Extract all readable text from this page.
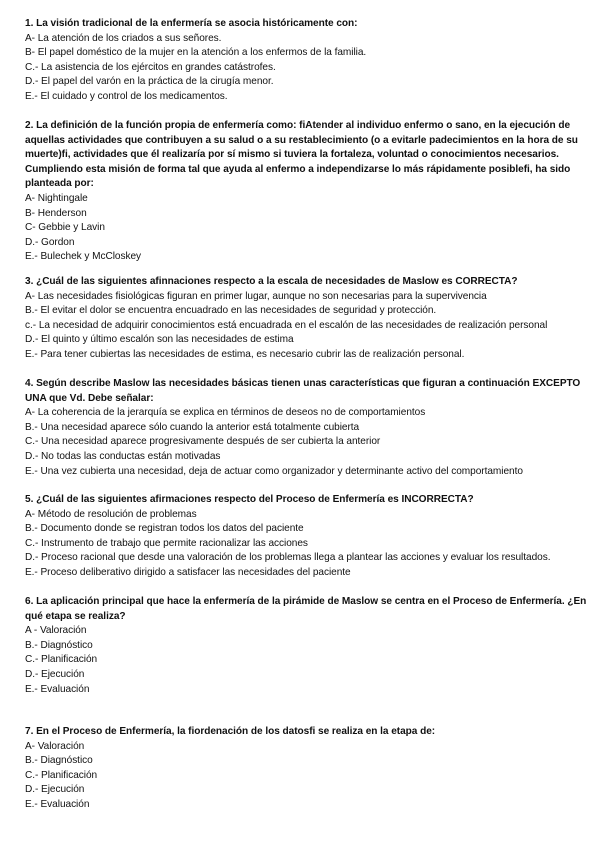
1. La visión tradicional de la enfermería se asocia históricamente con:

A- La atención de los criados a sus señores.
B- El papel doméstico de la mujer en la atención a los enfermos de la familia.
C.- La asistencia de los ejércitos en grandes catástrofes.
D.- El papel del varón en la práctica de la cirugía menor.
E.- El cuidado y control de los medicamentos.

2. La definición de la función propia de enfermería como: fiAtender al individuo enfermo o sano, en la ejecución de aquellas actividades que contribuyen a su salud o a su restablecimiento (o a evitarle padecimientos en la hora de su muerte)fi, actividades que él realizaría por sí mismo si tuviera la fortaleza, voluntad o conocimientos necesarios. Cumpliendo esta misión de forma tal que ayuda al enfermo a independizarse lo más rápidamente posiblefi, ha sido planteada por:

A- Nightingale
B- Henderson
C- Gebbie y Lavin
D.- Gordon
E.- Bulechek y McCloskey

3. ¿Cuál de las siguientes afinnaciones respecto a la escala de necesidades de Maslow es CORRECTA?

A- Las necesidades fisiológicas figuran en primer lugar, aunque no son necesarias para la supervivencia
B.- El evitar el dolor se encuentra encuadrado en las necesidades de seguridad y protección.
c.- La necesidad de adquirir conocimientos está encuadrada en el escalón de las necesidades de realización personal
D.- El quinto y último escalón son las necesidades de estima
E.- Para tener cubiertas las necesidades de estima, es necesario cubrir las de realización personal.

4. Según describe Maslow las necesidades básicas tienen unas características que figuran a continuación EXCEPTO UNA que Vd. Debe señalar:

A- La coherencia de la jerarquía se explica en términos de deseos no de comportamientos
B.- Una necesidad aparece sólo cuando la anterior está totalmente cubierta
C.- Una necesidad aparece progresivamente después de ser cubierta la anterior
D.- No todas las conductas están motivadas
E.- Una vez cubierta una necesidad, deja de actuar como organizador y determinante activo del comportamiento

5. ¿Cuál de las siguientes afirmaciones respecto del Proceso de Enfermería es INCORRECTA?

A- Método de resolución de problemas
B.- Documento donde se registran todos los datos del paciente
C.- Instrumento de trabajo que permite racionalizar las acciones
D.- Proceso racional que desde una valoración de los problemas llega a plantear las acciones y evaluar los resultados.
E.- Proceso deliberativo dirigido a satisfacer las necesidades del paciente

6. La aplicación principal que hace la enfermería de la pirámide de Maslow se centra en el Proceso de Enfermería. ¿En qué etapa se realiza?

A - Valoración
B.- Diagnóstico
C.- Planificación
D.- Ejecución
E.- Evaluación

7. En el Proceso de Enfermería, la fiordenación de los datosfi se realiza en la etapa de:

A- Valoración
B.- Diagnóstico
C.- Planificación
D.- Ejecución
E.- Evaluación
